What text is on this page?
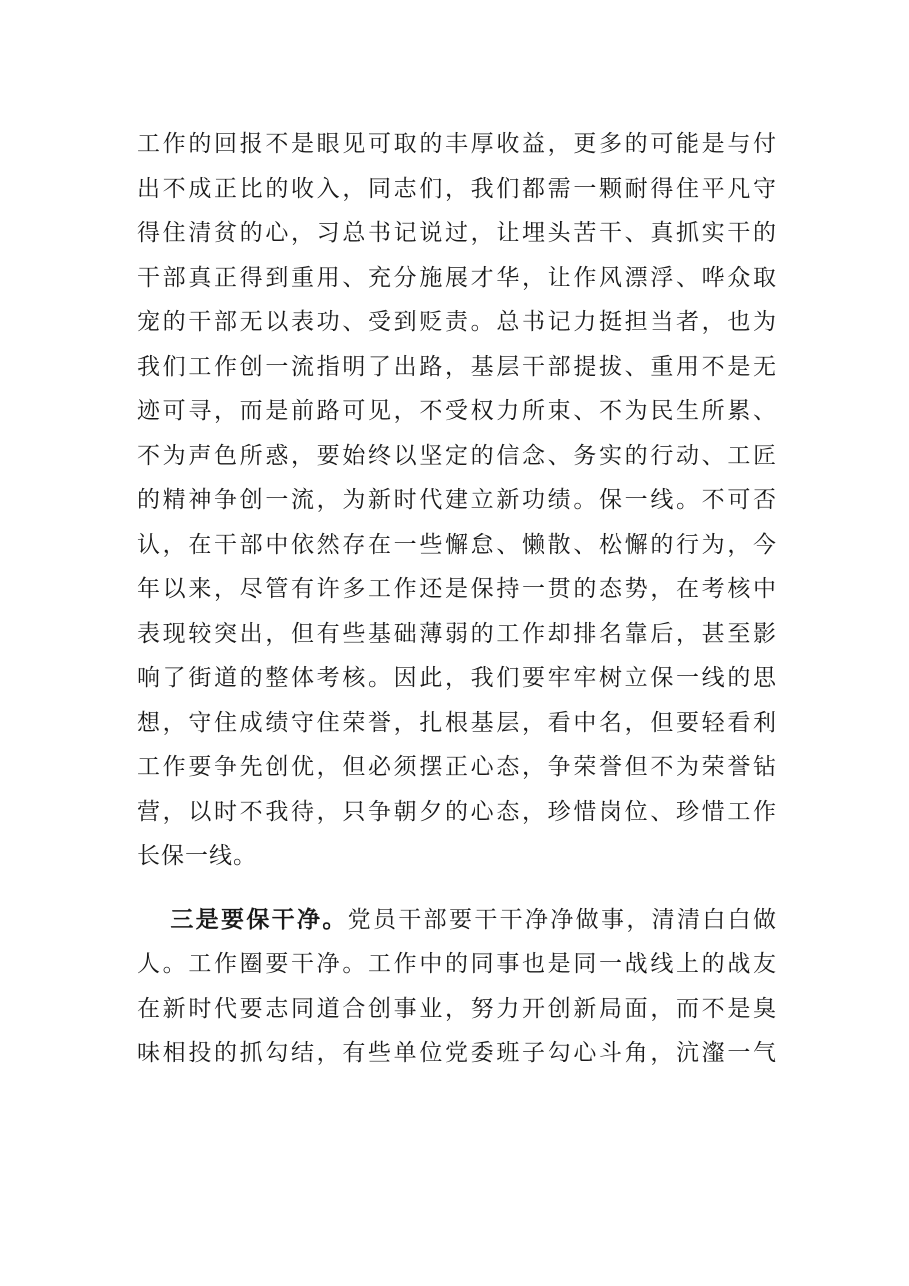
工作的回报不是眼见可取的丰厚收益，更多的可能是与付
出不成正比的收入，同志们，我们都需一颗耐得住平凡守
得住清贫的心，习总书记说过，让埋头苦干、真抓实干的
干部真正得到重用、充分施展才华，让作风漂浮、哗众取
宠的干部无以表功、受到贬责。总书记力挺担当者，也为
我们工作创一流指明了出路，基层干部提拔、重用不是无
迹可寻，而是前路可见，不受权力所束、不为民生所累、
不为声色所惑，要始终以坚定的信念、务实的行动、工匠
的精神争创一流，为新时代建立新功绩。保一线。不可否
认，在干部中依然存在一些懈怠、懒散、松懈的行为，今
年以来，尽管有许多工作还是保持一贯的态势，在考核中
表现较突出，但有些基础薄弱的工作却排名靠后，甚至影
响了街道的整体考核。因此，我们要牢牢树立保一线的思
想，守住成绩守住荣誉，扎根基层，看中名，但要轻看利
工作要争先创优，但必须摆正心态，争荣誉但不为荣誉钻
营，以时不我待，只争朝夕的心态，珍惜岗位、珍惜工作
长保一线。
三是要保干净。党员干部要干干净净做事，清清白白做
人。工作圈要干净。工作中的同事也是同一战线上的战友
在新时代要志同道合创事业，努力开创新局面，而不是臭
味相投的抓勾结，有些单位党委班子勾心斗角，沆瀣一气
